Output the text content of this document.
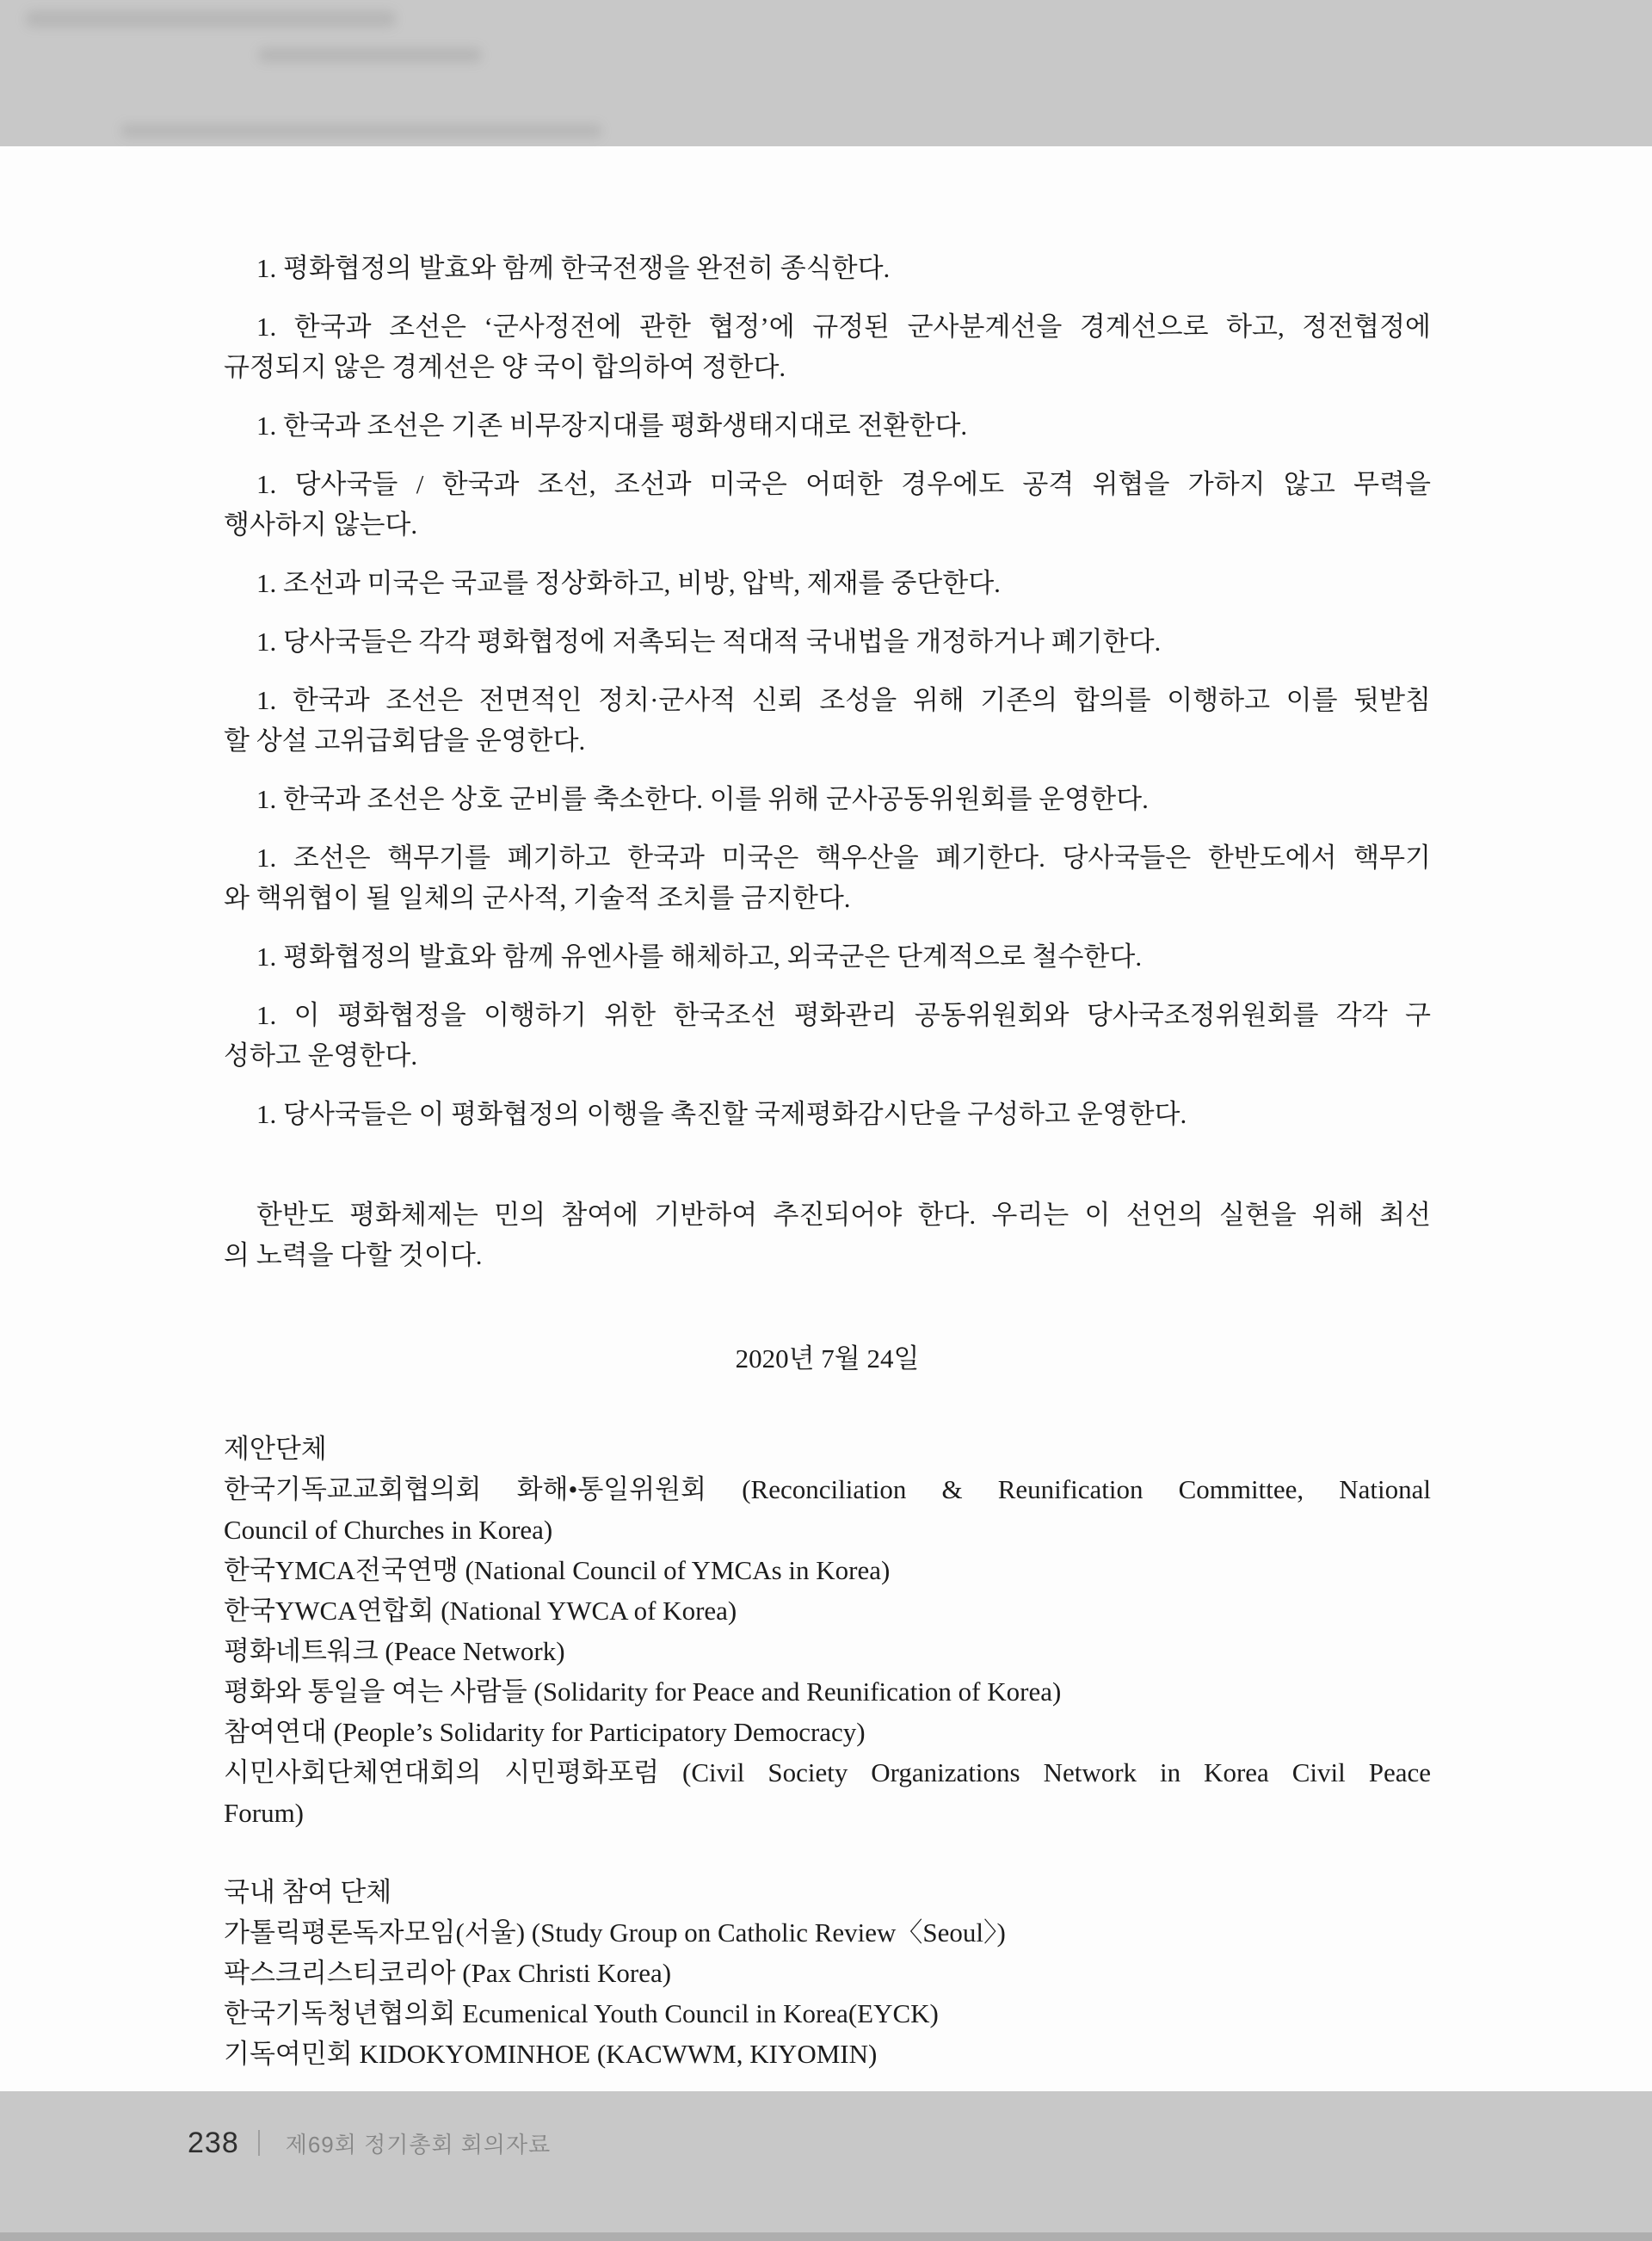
1. 평화협정의 발효와 함께 한국전쟁을 완전히 종식한다.
1. 한국과 조선은 ‘군사정전에 관한 협정’에 규정된 군사분계선을 경계선으로 하고, 정전협정에
규정되지 않은 경계선은 양 국이 합의하여 정한다.
1. 한국과 조선은 기존 비무장지대를 평화생태지대로 전환한다.
1. 당사국들 / 한국과 조선, 조선과 미국은 어떠한 경우에도 공격 위협을 가하지 않고 무력을
행사하지 않는다.
1. 조선과 미국은 국교를 정상화하고, 비방, 압박, 제재를 중단한다.
1. 당사국들은 각각 평화협정에 저촉되는 적대적 국내법을 개정하거나 폐기한다.
1. 한국과 조선은 전면적인 정치·군사적 신뢰 조성을 위해 기존의 합의를 이행하고 이를 뒷받침
할 상설 고위급회담을 운영한다.
1. 한국과 조선은 상호 군비를 축소한다. 이를 위해 군사공동위원회를 운영한다.
1. 조선은 핵무기를 폐기하고 한국과 미국은 핵우산을 폐기한다. 당사국들은 한반도에서 핵무기
와 핵위협이 될 일체의 군사적, 기술적 조치를 금지한다.
1. 평화협정의 발효와 함께 유엔사를 해체하고, 외국군은 단계적으로 철수한다.
1. 이 평화협정을 이행하기 위한 한국조선 평화관리 공동위원회와 당사국조정위원회를 각각 구
성하고 운영한다.
1. 당사국들은 이 평화협정의 이행을 촉진할 국제평화감시단을 구성하고 운영한다.
한반도 평화체제는 민의 참여에 기반하여 추진되어야 한다. 우리는 이 선언의 실현을 위해 최선
의 노력을 다할 것이다.
2020년 7월 24일
제안단체
한국기독교교회협의회 화해•통일위원회 (Reconciliation & Reunification Committee, National
Council of Churches in Korea)
한국YMCA전국연맹 (National Council of YMCAs in Korea)
한국YWCA연합회 (National YWCA of Korea)
평화네트워크 (Peace Network)
평화와 통일을 여는 사람들 (Solidarity for Peace and Reunification of Korea)
참여연대 (People’s Solidarity for Participatory Democracy)
시민사회단체연대회의 시민평화포럼 (Civil Society Organizations Network in Korea Civil Peace
Forum)
국내 참여 단체
가톨릭평론독자모임(서울) (Study Group on Catholic Review〈Seoul〉)
팍스크리스티코리아 (Pax Christi Korea)
한국기독청년협의회 Ecumenical Youth Council in Korea(EYCK)
기독여민회 KIDOKYOMINHOE (KACWWM, KIYOMIN)
238 제69회 정기총회 회의자료
